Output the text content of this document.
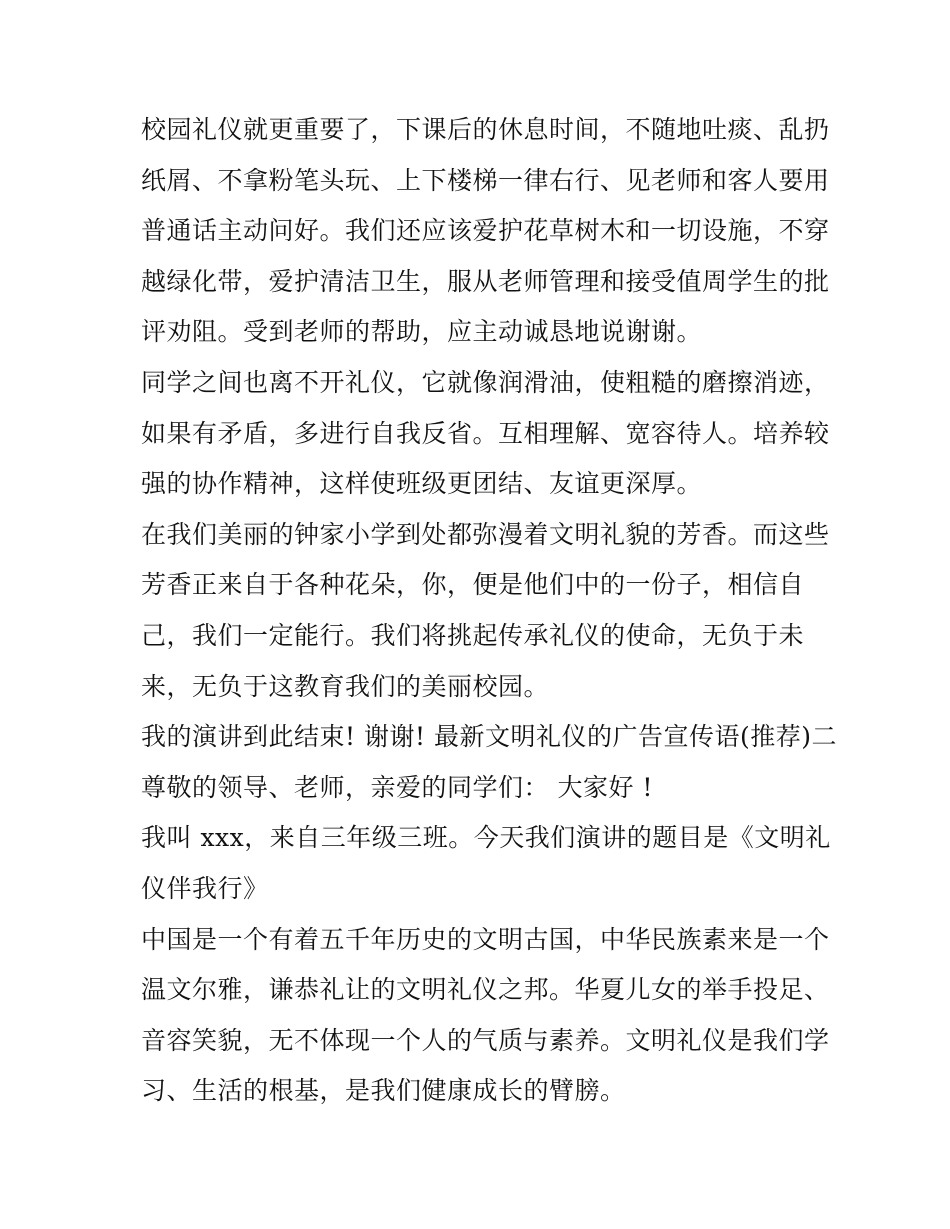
校园礼仪就更重要了，下课后的休息时间，不随地吐痰、乱扔
纸屑、不拿粉笔头玩、上下楼梯一律右行、见老师和客人要用
普通话主动问好。我们还应该爱护花草树木和一切设施，不穿
越绿化带，爱护清洁卫生，服从老师管理和接受值周学生的批
评劝阻。受到老师的帮助，应主动诚恳地说谢谢。
同学之间也离不开礼仪，它就像润滑油，使粗糙的磨擦消迹，
如果有矛盾，多进行自我反省。互相理解、宽容待人。培养较
强的协作精神，这样使班级更团结、友谊更深厚。
在我们美丽的钟家小学到处都弥漫着文明礼貌的芳香。而这些
芳香正来自于各种花朵，你，便是他们中的一份子，相信自
己，我们一定能行。我们将挑起传承礼仪的使命，无负于未
来，无负于这教育我们的美丽校园。
我的演讲到此结束! 谢谢! 最新文明礼仪的广告宣传语(推荐)二
尊敬的领导、老师，亲爱的同学们： 大家好 !
我叫 xxx，来自三年级三班。今天我们演讲的题目是《文明礼
仪伴我行》
中国是一个有着五千年历史的文明古国，中华民族素来是一个
温文尔雅，谦恭礼让的文明礼仪之邦。华夏儿女的举手投足、
音容笑貌，无不体现一个人的气质与素养。文明礼仪是我们学
习、生活的根基，是我们健康成长的臂膀。
